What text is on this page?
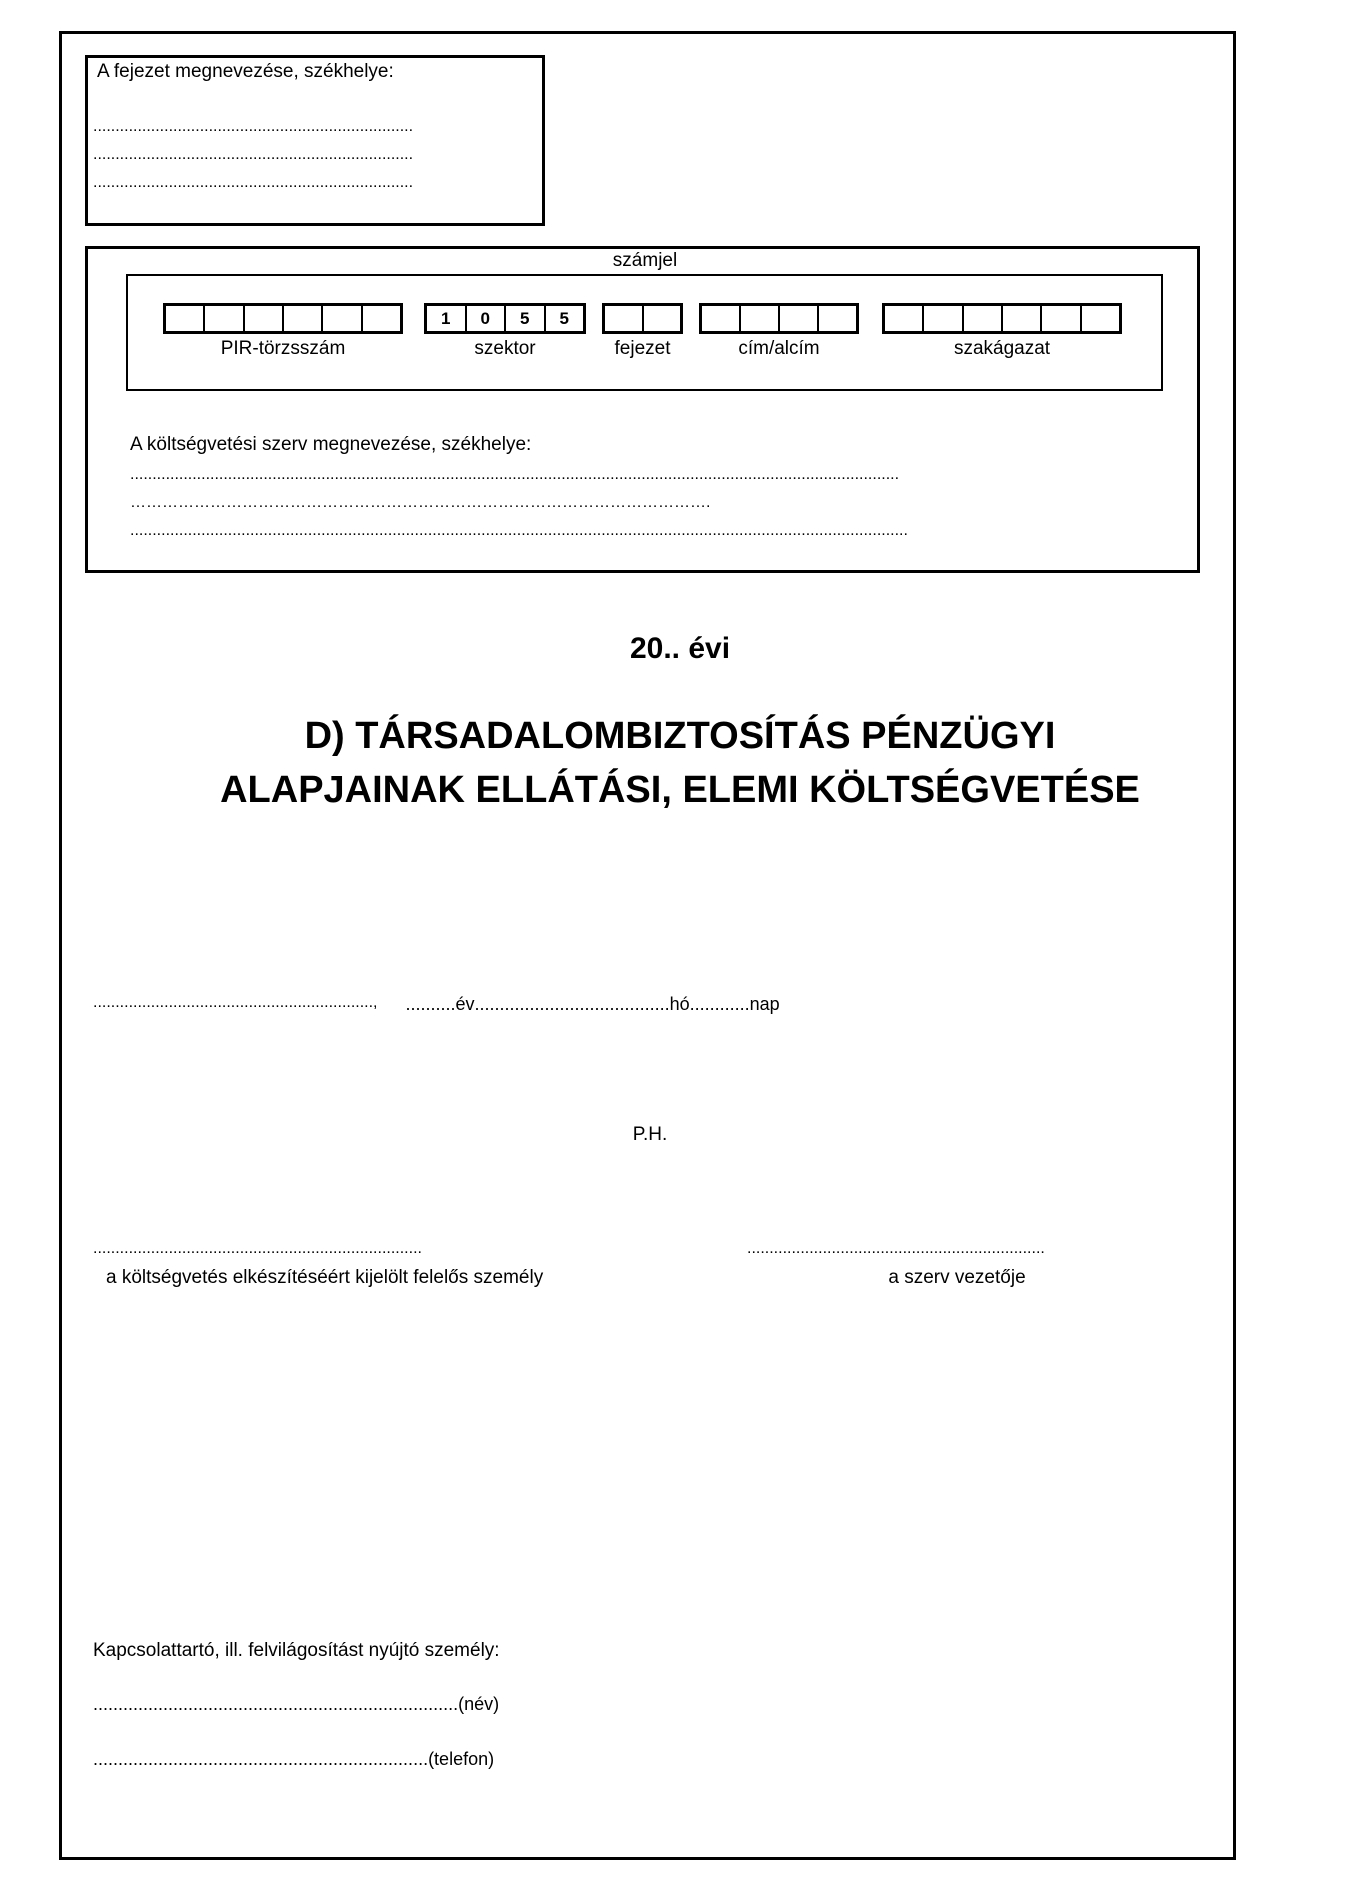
A fejezet megnevezése, székhelye:
........................................................................
........................................................................
........................................................................
számjel
1	0	5	5
PIR-törzsszám	szektor	fejezet	cím/alcím	szakágazat
A költségvetési szerv megnevezése, székhelye:
.............................................................................................................................................................................
……………………………………………………………………………………………….
...............................................................................................................................................................................
20.. évi
D) TÁRSADALOMBIZTOSÍTÁS PÉNZÜGYI
ALAPJAINAK ELLÁTÁSI, ELEMI KÖLTSÉGVETÉSE
..............................................................., ..........év .......................................hó ............nap
P.H.
..........................................................................
a költségvetés elkészítéséért kijelölt felelős személy
...................................................................
a szerv vezetője
Kapcsolattartó, ill. felvilágosítást nyújtó személy:
.........................................................................(név)
...................................................................(telefon)
